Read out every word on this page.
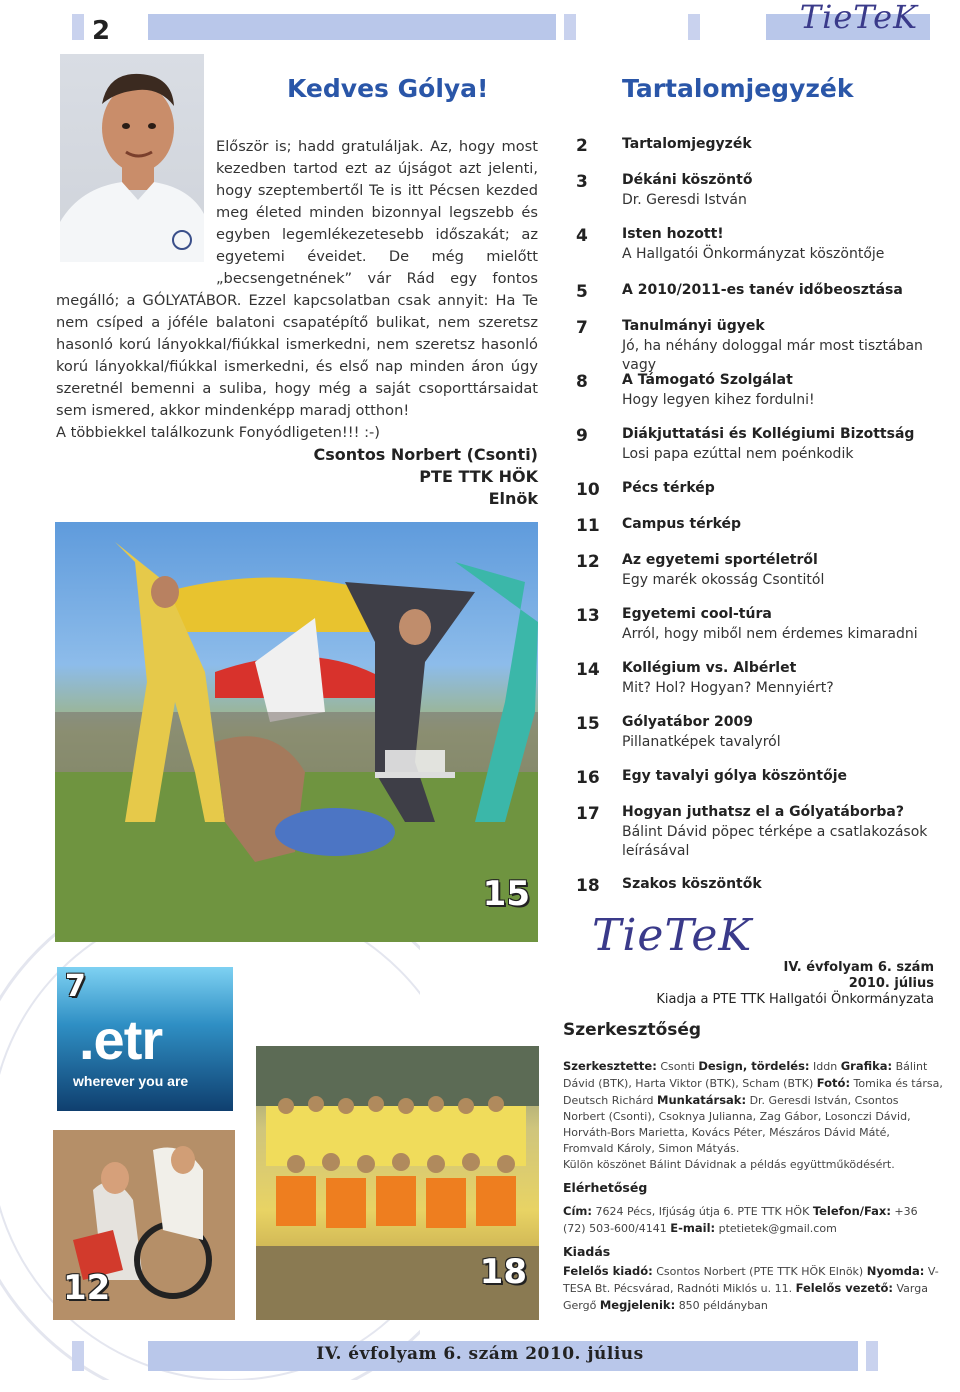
2	TieTeK
Kedves Gólya!
Először is; hadd gratuláljak. Az, hogy most kezedben tartod ezt az újságot azt jelenti, hogy szeptembertől Te is itt Pécsen kezded meg életed minden bizonnyal legszebb és egyben legemlékezetesebb időszakát; az egyetemi éveidet. De még mielőtt „becsengetnének” vár Rád egy fontos megálló; a GÓLYATÁBOR. Ezzel kapcsolatban csak annyit: Ha Te nem csíped a jóféle balatoni csapatépítő bulikat, nem szeretsz hasonló korú lányokkal/fiúkkal ismerkedni, nem szeretsz hasonló korú lányokkal/fiúkkal ismerkedni, és első nap minden áron úgy szeretnél bemenni a suliba, hogy még a saját csoporttársaidat sem ismered, akkor mindenképp maradj otthon!
A többiekkel találkozunk Fonyódligeten!!! :-)
Csontos Norbert (Csonti)
PTE TTK HÖK
Elnök
15
.etr
wherever you are
7
12	18
Tartalomjegyzék
2	Tartalomjegyzék
3	Dékáni köszöntő
Dr. Geresdi István
4	Isten hozott!
A Hallgatói Önkormányzat köszöntője
5	A 2010/2011-es tanév időbeosztása
7	Tanulmányi ügyek
Jó, ha néhány dologgal már most tisztában vagy
8	A Támogató Szolgálat
Hogy legyen kihez fordulni!
9	Diákjuttatási és Kollégiumi Bizottság
Losi papa ezúttal nem poénkodik
10	Pécs térkép
11	Campus térkép
12	Az egyetemi sportéletről
Egy marék okosság Csontitól
13	Egyetemi cool-túra
Arról, hogy miből nem érdemes kimaradni
14	Kollégium vs. Albérlet
Mit? Hol? Hogyan? Mennyiért?
15	Gólyatábor 2009
Pillanatképek tavalyról
16	Egy tavalyi gólya köszöntője
17	Hogyan juthatsz el a Gólyatáborba?
Bálint Dávid pöpec térképe a csatlakozások leírásával
18	Szakos köszöntők
TieTeK
IV. évfolyam 6. szám
2010. július
Kiadja a PTE TTK Hallgatói Önkormányzata
Szerkesztőség
Szerkesztette: Csonti Design, tördelés: Iddn Grafika: Bálint Dávid (BTK), Harta Viktor (BTK), Scham (BTK) Fotó: Tomika és társa, Deutsch Richárd Munkatársak: Dr. Geresdi István, Csontos Norbert (Csonti), Csoknya Julianna, Zag Gábor, Losonczi Dávid, Horváth-Bors Marietta, Kovács Péter, Mészáros Dávid Máté, Fromvald Károly, Simon Mátyás.
Külön köszönet Bálint Dávidnak a példás együttműködésért.
Elérhetőség
Cím: 7624 Pécs, Ifjúság útja 6. PTE TTK HÖK Telefon/Fax: +36 (72) 503-600/4141 E-mail: ptetietek@gmail.com
Kiadás
Felelős kiadó: Csontos Norbert (PTE TTK HÖK Elnök) Nyomda: V-TESA Bt. Pécsvárad, Radnóti Miklós u. 11. Felelős vezető: Varga Gergő Megjelenik: 850 példányban
IV. évfolyam 6. szám 2010. július
